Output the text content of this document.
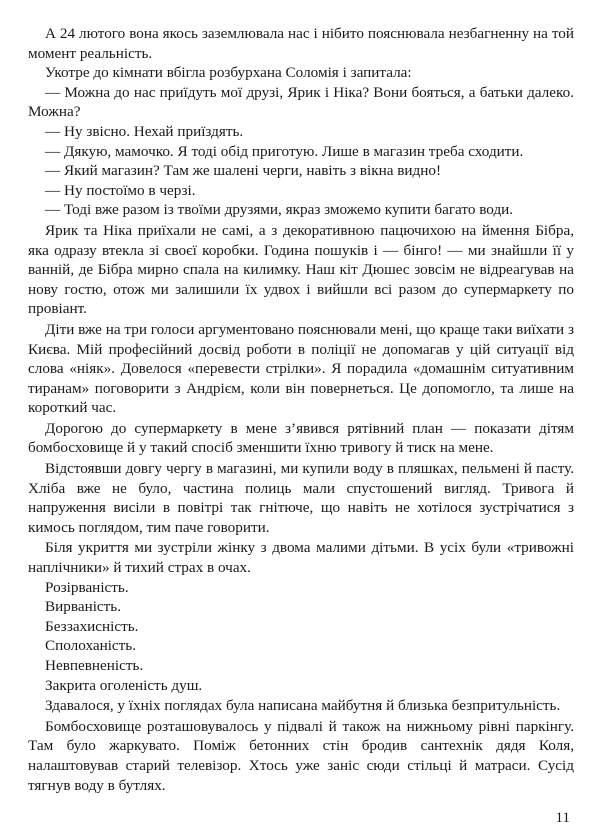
А 24 лютого вона якось заземлювала нас і нібито пояснювала незбагненну на той момент реальність.

Укотре до кімнати вбігла розбурхана Соломія і запитала:

— Можна до нас приїдуть мої друзі, Ярик і Ніка? Вони бояться, а батьки далеко. Можна?

— Ну звісно. Нехай приїздять.

— Дякую, мамочко. Я тоді обід приготую. Лише в магазин треба сходити.

— Який магазин? Там же шалені черги, навіть з вікна видно!

— Ну постоїмо в черзі.

— Тоді вже разом із твоїми друзями, якраз зможемо купити багато води.

Ярик та Ніка приїхали не самі, а з декоративною пацючихою на ймення Бібра, яка одразу втекла зі своєї коробки. Година пошуків і — бінго! — ми знайшли її у ванній, де Бібра мирно спала на килимку. Наш кіт Дюшес зовсім не відреагував на нову гостю, отож ми залишили їх удвох і вийшли всі разом до супермаркету по провіант.

Діти вже на три голоси аргументовано пояснювали мені, що краще таки виїхати з Києва. Мій професійний досвід роботи в поліції не допомагав у цій ситуації від слова «ніяк». Довелося «перевести стрілки». Я порадила «домашнім ситуативним тиранам» поговорити з Андрієм, коли він повернеться. Це допомогло, та лише на короткий час.

Дорогою до супермаркету в мене з’явився рятівний план — показати дітям бомбосховище й у такий спосіб зменшити їхню тривогу й тиск на мене.

Відстоявши довгу чергу в магазині, ми купили воду в пляшках, пельмені й пасту. Хліба вже не було, частина полиць мали спустошений вигляд. Тривога й напруження висіли в повітрі так гнітюче, що навіть не хотілося зустрічатися з кимось поглядом, тим паче говорити.

Біля укриття ми зустріли жінку з двома малими дітьми. В усіх були «тривожні наплічники» й тихий страх в очах.

Розірваність.

Вирваність.

Беззахисність.

Сполоханість.

Невпевненість.

Закрита оголеність душ.

Здавалося, у їхніх поглядах була написана майбутня й близька безпритульність.

Бомбосховище розташовувалось у підвалі й також на нижньому рівні паркінгу. Там було жаркувато. Поміж бетонних стін бродив сантехнік дядя Коля, налаштовував старий телевізор. Хтось уже заніс сюди стільці й матраси. Сусід тягнув воду в бутлях.

11
